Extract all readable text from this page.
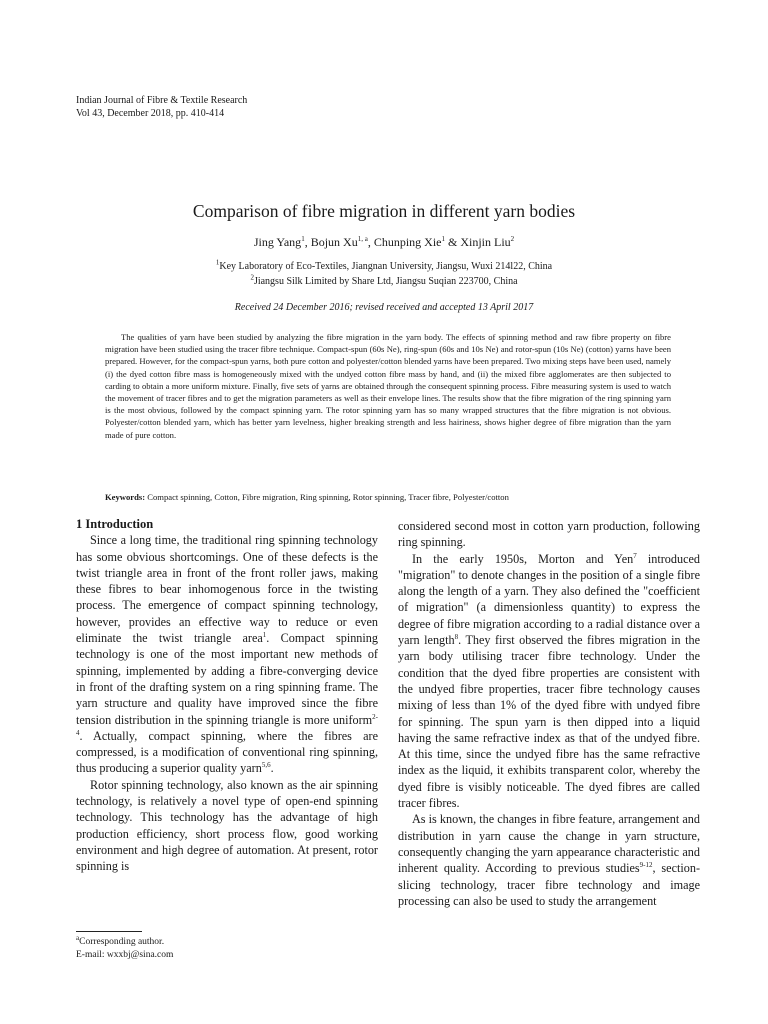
Indian Journal of Fibre & Textile Research
Vol 43, December 2018, pp. 410-414
Comparison of fibre migration in different yarn bodies
Jing Yang$^1$, Bojun Xu$^{1, a}$, Chunping Xie$^1$ & Xinjin Liu$^2$
$^1$Key Laboratory of Eco-Textiles, Jiangnan University, Jiangsu, Wuxi 214l22, China
$^2$Jiangsu Silk Limited by Share Ltd, Jiangsu Suqian 223700, China
Received 24 December 2016; revised received and accepted 13 April 2017

The qualities of yarn have been studied by analyzing the fibre migration in the yarn body. The effects of spinning method and raw fibre property on fibre migration have been studied using the tracer fibre technique. Compact-spun (60s Ne), ring-spun (60s and 10s Ne) and rotor-spun (10s Ne) (cotton) yarns have been prepared. However, for the compact-spun yarns, both pure cotton and polyester/cotton blended yarns have been prepared. Two mixing steps have been used, namely (i) the dyed cotton fibre mass is homogeneously mixed with the undyed cotton fibre mass by hand, and (ii) the mixed fibre agglomerates are then subjected to carding to obtain a more uniform mixture. Finally, five sets of yarns are obtained through the consequent spinning process. Fibre measuring system is used to watch the movement of tracer fibres and to get the migration parameters as well as their envelope lines. The results show that the fibre migration of the ring spinning yarn is the most obvious, followed by the compact spinning yarn. The rotor spinning yarn has so many wrapped structures that the fibre migration is not obvious. Polyester/cotton blended yarn, which has better yarn levelness, higher breaking strength and less hairiness, shows higher degree of fibre migration than the yarn made of pure cotton.

Keywords: Compact spinning, Cotton, Fibre migration, Ring spinning, Rotor spinning, Tracer fibre, Polyester/cotton
1 Introduction

Since a long time, the traditional ring spinning technology has some obvious shortcomings. One of these defects is the twist triangle area in front of the front roller jaws, making these fibres to bear inhomogenous force in the twisting process. The emergence of compact spinning technology, however, provides an effective way to reduce or even eliminate the twist triangle area$^1$. Compact spinning technology is one of the most important new methods of spinning, implemented by adding a fibre-converging device in front of the drafting system on a ring spinning frame. The yarn structure and quality have improved since the fibre tension distribution in the spinning triangle is more uniform$^{2-4}$. Actually, compact spinning, where the fibres are compressed, is a modification of conventional ring spinning, thus producing a superior quality yarn$^{5,6}$.

Rotor spinning technology, also known as the air spinning technology, is relatively a novel type of open-end spinning technology. This technology has the advantage of high production efficiency, short process flow, good working environment and high degree of automation. At present, rotor spinning is

considered second most in cotton yarn production, following ring spinning.

In the early 1950s, Morton and Yen$^7$ introduced "migration" to denote changes in the position of a single fibre along the length of a yarn. They also defined the "coefficient of migration" (a dimensionless quantity) to express the degree of fibre migration according to a radial distance over a yarn length$^8$. They first observed the fibres migration in the yarn body utilising tracer fibre technology. Under the condition that the dyed fibre properties are consistent with the undyed fibre properties, tracer fibre technology causes mixing of less than 1% of the dyed fibre with undyed fibre for spinning. The spun yarn is then dipped into a liquid having the same refractive index as that of the undyed fibre. At this time, since the undyed fibre has the same refractive index as the liquid, it exhibits transparent color, whereby the dyed fibre is visibly noticeable. The dyed fibres are called tracer fibres.

As is known, the changes in fibre feature, arrangement and distribution in yarn cause the change in yarn structure, consequently changing the yarn appearance characteristic and inherent quality. According to previous studies$^{9-12}$, section-slicing technology, tracer fibre technology and image processing can also be used to study the arrangement

$^a$Corresponding author.
E-mail: wxxbj@sina.com
